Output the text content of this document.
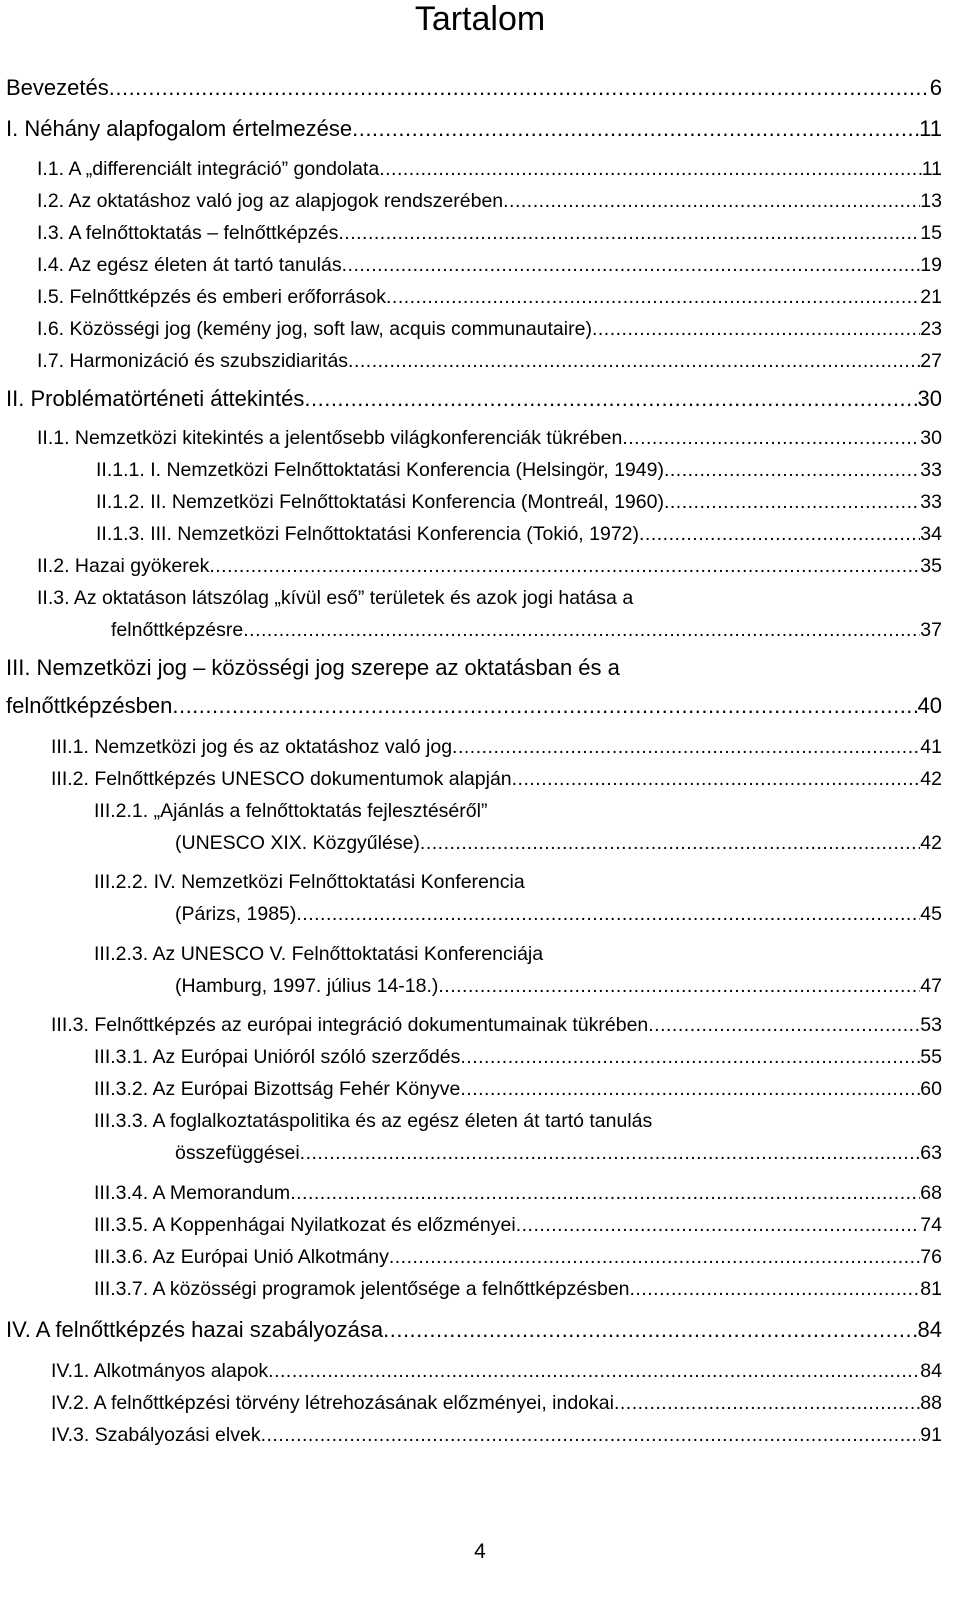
Tartalom
Bevezetés .....	6
I. Néhány alapfogalom értelmezése .....	11
I.1. A „differenciált integráció” gondolata .....	11
I.2. Az oktatáshoz való jog az alapjogok rendszerében .....	13
I.3. A felnőttoktatás – felnőttképzés .....	15
I.4. Az egész életen át tartó tanulás .....	19
I.5. Felnőttképzés és emberi erőforrások .....	21
I.6. Közösségi jog (kemény jog, soft law, acquis communautaire) .....	23
I.7. Harmonizáció és szubszidiaritás .....	27
II. Problématörténeti áttekintés .....	30
II.1. Nemzetközi kitekintés a jelentősebb világkonferenciák tükrében .....	30
II.1.1. I. Nemzetközi Felnőttoktatási Konferencia (Helsingör, 1949) .....	33
II.1.2. II. Nemzetközi Felnőttoktatási Konferencia (Montreál, 1960) .....	33
II.1.3. III. Nemzetközi Felnőttoktatási Konferencia (Tokió, 1972) .....	34
II.2. Hazai gyökerek .....	35
II.3. Az oktatáson látszólag „kívül eső” területek és azok jogi hatása a
felnőttképzésre .....	37
III. Nemzetközi jog – közösségi jog szerepe az oktatásban és a
felnőttképzésben .....	40
III.1. Nemzetközi jog és az oktatáshoz való jog .....	41
III.2. Felnőttképzés UNESCO dokumentumok alapján .....	42
III.2.1. „Ajánlás a felnőttoktatás fejlesztéséről”
(UNESCO XIX. Közgyűlése) .....	42
III.2.2. IV. Nemzetközi Felnőttoktatási Konferencia
(Párizs, 1985) .....	45
III.2.3. Az UNESCO V. Felnőttoktatási Konferenciája
(Hamburg, 1997. július 14-18.) .....	47
III.3. Felnőttképzés az európai integráció dokumentumainak tükrében .....	53
III.3.1. Az Európai Unióról szóló szerződés .....	55
III.3.2. Az Európai Bizottság Fehér Könyve .....	60
III.3.3. A foglalkoztatáspolitika és az egész életen át tartó tanulás
összefüggései .....	63
III.3.4. A Memorandum .....	68
III.3.5. A Koppenhágai Nyilatkozat és előzményei .....	74
III.3.6. Az Európai Unió Alkotmány .....	76
III.3.7. A közösségi programok jelentősége a felnőttképzésben .....	81
IV. A felnőttképzés hazai szabályozása .....	84
IV.1. Alkotmányos alapok .....	84
IV.2. A felnőttképzési törvény létrehozásának előzményei, indokai .....	88
IV.3. Szabályozási elvek .....	91
4
